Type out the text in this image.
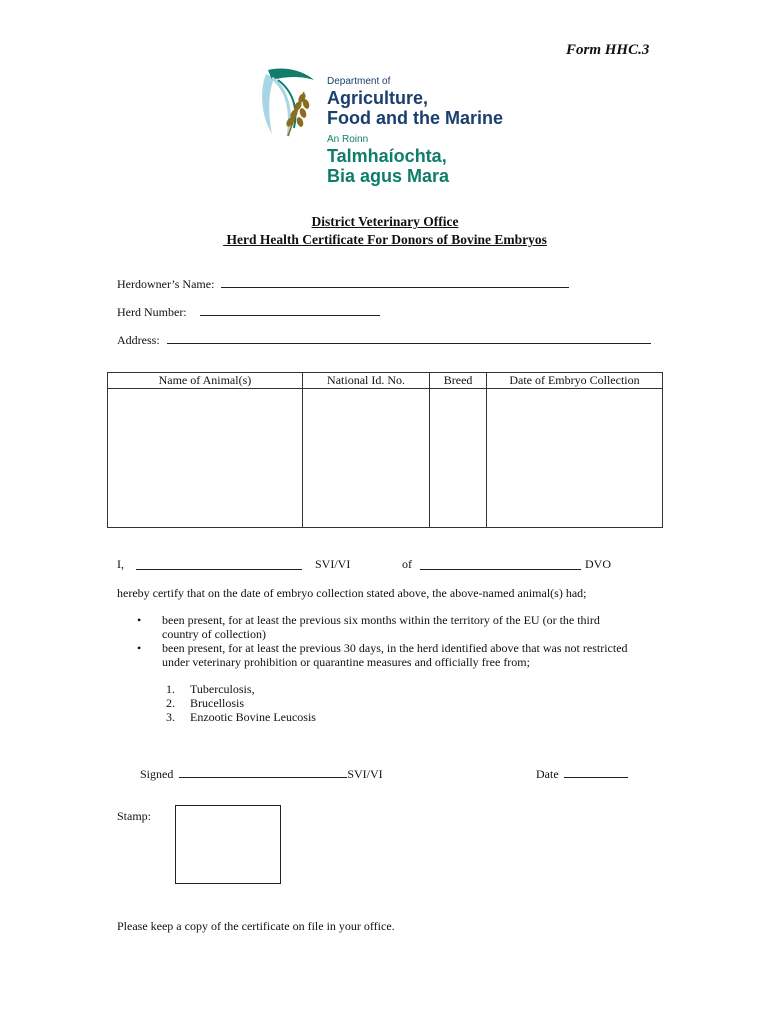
Form HHC.3
Department of
Agriculture,
Food and the Marine
An Roinn
Talmhaíochta,
Bia agus Mara
District Veterinary Office
Herd Health Certificate For Donors of Bovine Embryos
Herdowner’s Name:
Herd Number:
Address:
Name of Animal(s)	National Id. No.	Breed	Date of Embryo Collection

I,	SVI/VI	of	DVO
hereby certify that on the date of embryo collection stated above, the above-named animal(s) had;
• been present, for at least the previous six months within the territory of the EU (or the third country of collection)
• been present, for at least the previous 30 days, in the herd identified above that was not restricted under veterinary prohibition or quarantine measures and officially free from;
1. Tuberculosis,
2. Brucellosis
3. Enzootic Bovine Leucosis
Signed	SVI/VI	Date
Stamp:
Please keep a copy of the certificate on file in your office.
